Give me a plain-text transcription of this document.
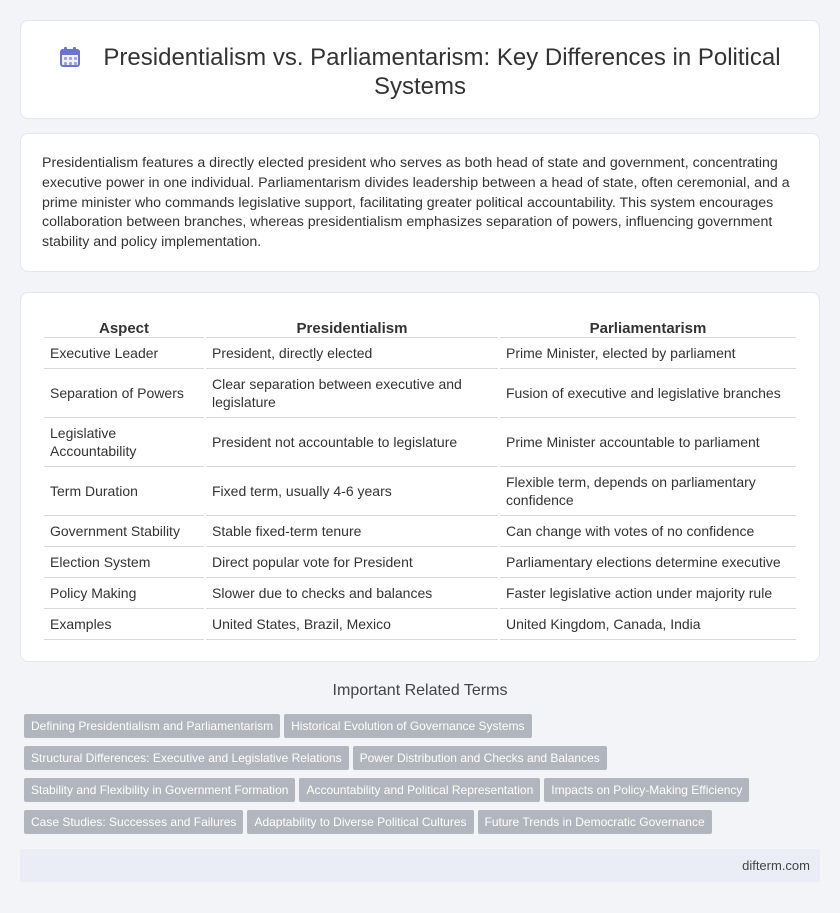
Presidentialism vs. Parliamentarism: Key Differences in Political Systems

Presidentialism features a directly elected president who serves as both head of state and government, concentrating executive power in one individual. Parliamentarism divides leadership between a head of state, often ceremonial, and a prime minister who commands legislative support, facilitating greater political accountability. This system encourages collaboration between branches, whereas presidentialism emphasizes separation of powers, influencing government stability and policy implementation.

Aspect	Presidentialism	Parliamentarism
Executive Leader	President, directly elected	Prime Minister, elected by parliament
Separation of Powers	Clear separation between executive and legislature	Fusion of executive and legislative branches
Legislative Accountability	President not accountable to legislature	Prime Minister accountable to parliament
Term Duration	Fixed term, usually 4-6 years	Flexible term, depends on parliamentary confidence
Government Stability	Stable fixed-term tenure	Can change with votes of no confidence
Election System	Direct popular vote for President	Parliamentary elections determine executive
Policy Making	Slower due to checks and balances	Faster legislative action under majority rule
Examples	United States, Brazil, Mexico	United Kingdom, Canada, India
Important Related Terms
Defining Presidentialism and Parliamentarism	Historical Evolution of Governance Systems
Structural Differences: Executive and Legislative Relations	Power Distribution and Checks and Balances
Stability and Flexibility in Government Formation	Accountability and Political Representation	Impacts on Policy-Making Efficiency
Case Studies: Successes and Failures	Adaptability to Diverse Political Cultures	Future Trends in Democratic Governance
difterm.com
